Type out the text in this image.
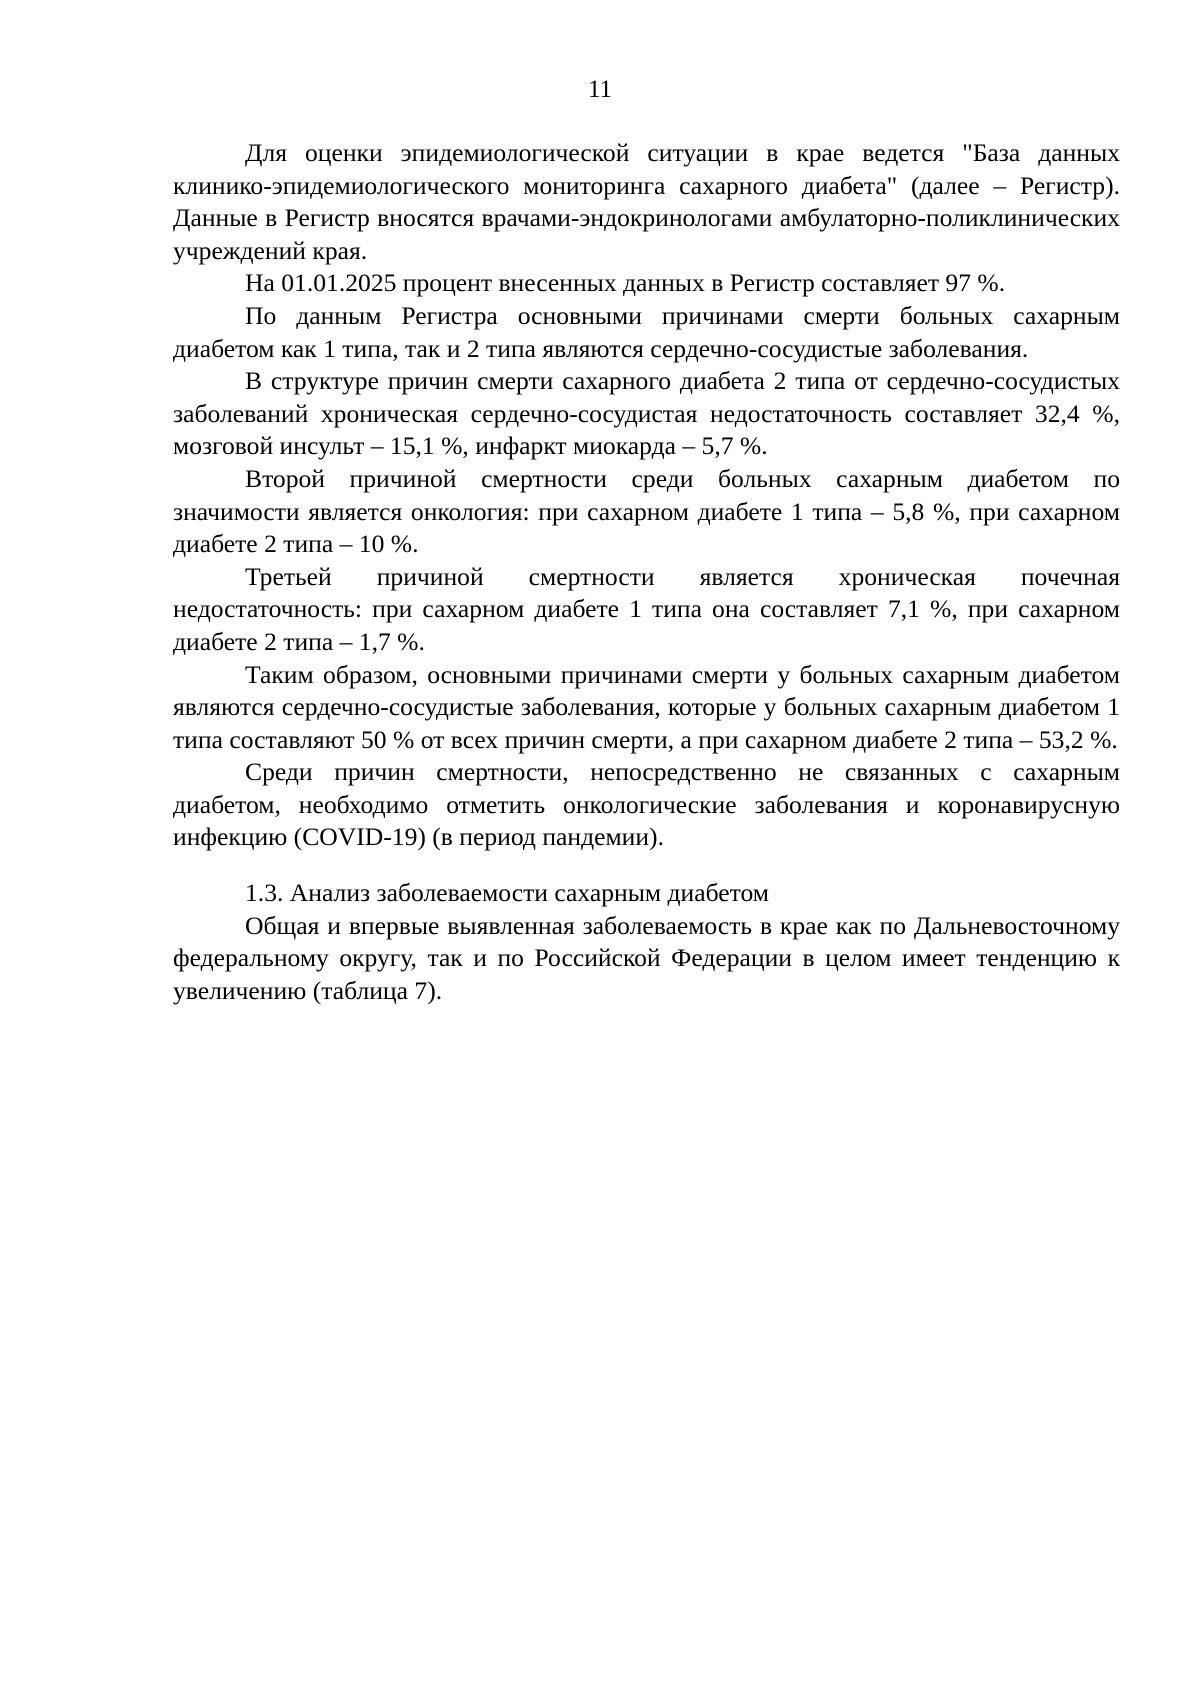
11

Для оценки эпидемиологической ситуации в крае ведется "База данных клинико-эпидемиологического мониторинга сахарного диабета" (далее – Регистр). Данные в Регистр вносятся врачами-эндокринологами амбулаторно-поликлинических учреждений края.

На 01.01.2025 процент внесенных данных в Регистр составляет 97 %.

По данным Регистра основными причинами смерти больных сахарным диабетом как 1 типа, так и 2 типа являются сердечно-сосудистые заболевания.

В структуре причин смерти сахарного диабета 2 типа от сердечно-сосудистых заболеваний хроническая сердечно-сосудистая недостаточность составляет 32,4 %, мозговой инсульт – 15,1 %, инфаркт миокарда – 5,7 %.

Второй причиной смертности среди больных сахарным диабетом по значимости является онкология: при сахарном диабете 1 типа – 5,8 %, при сахарном диабете 2 типа – 10 %.

Третьей причиной смертности является хроническая почечная недостаточность: при сахарном диабете 1 типа она составляет 7,1 %, при сахарном диабете 2 типа – 1,7 %.

Таким образом, основными причинами смерти у больных сахарным диабетом являются сердечно-сосудистые заболевания, которые у больных сахарным диабетом 1 типа составляют 50 % от всех причин смерти, а при сахарном диабете 2 типа – 53,2 %.

Среди причин смертности, непосредственно не связанных с сахарным диабетом, необходимо отметить онкологические заболевания и коронавирусную инфекцию (COVID-19) (в период пандемии).

1.3. Анализ заболеваемости сахарным диабетом

Общая и впервые выявленная заболеваемость в крае как по Дальневосточному федеральному округу, так и по Российской Федерации в целом имеет тенденцию к увеличению (таблица 7).
